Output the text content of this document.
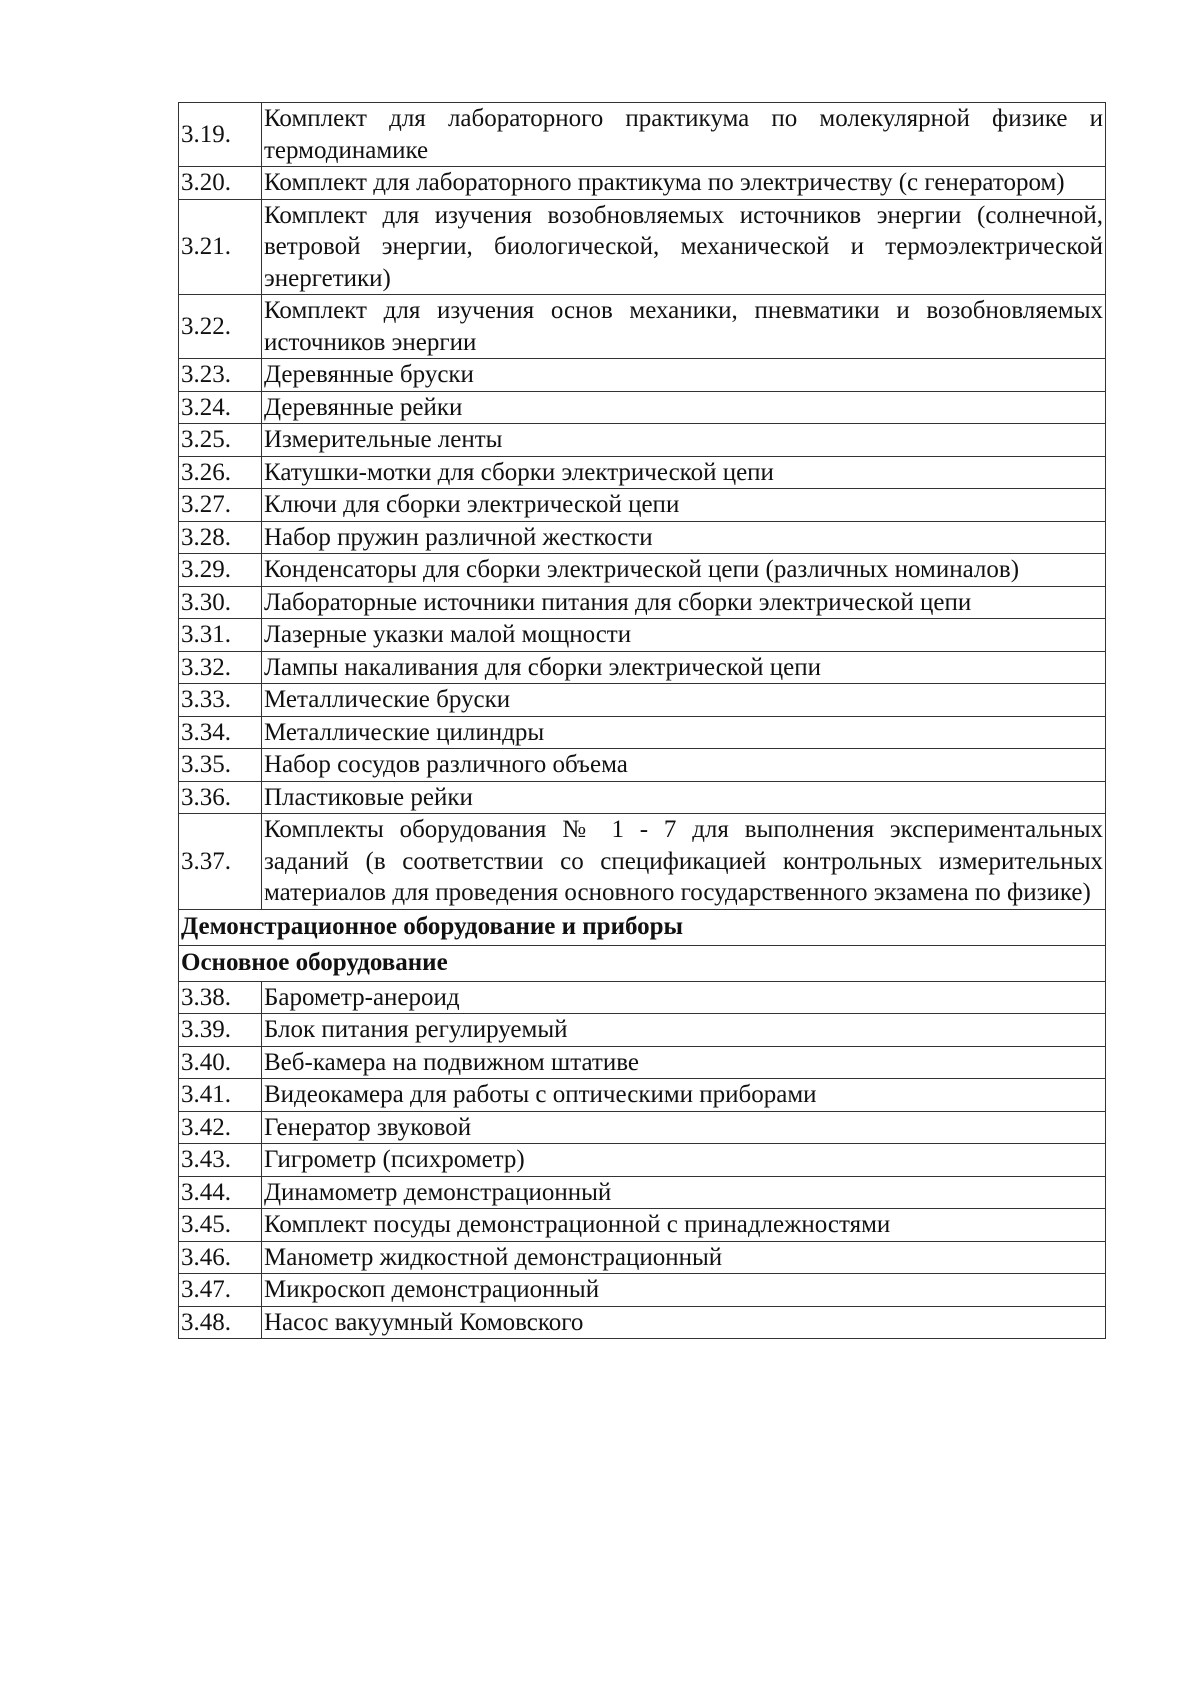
3.19.	Комплект для лабораторного практикума по молекулярной физике и термодинамике
3.20.	Комплект для лабораторного практикума по электричеству (с генератором)
3.21.	Комплект для изучения возобновляемых источников энергии (солнечной, ветровой энергии, биологической, механической и термоэлектрической энергетики)
3.22.	Комплект для изучения основ механики, пневматики и возобновляемых источников энергии
3.23.	Деревянные бруски
3.24.	Деревянные рейки
3.25.	Измерительные ленты
3.26.	Катушки-мотки для сборки электрической цепи
3.27.	Ключи для сборки электрической цепи
3.28.	Набор пружин различной жесткости
3.29.	Конденсаторы для сборки электрической цепи (различных номиналов)
3.30.	Лабораторные источники питания для сборки электрической цепи
3.31.	Лазерные указки малой мощности
3.32.	Лампы накаливания для сборки электрической цепи
3.33.	Металлические бруски
3.34.	Металлические цилиндры
3.35.	Набор сосудов различного объема
3.36.	Пластиковые рейки
3.37.	Комплекты оборудования № 1 - 7 для выполнения экспериментальных заданий (в соответствии со спецификацией контрольных измерительных материалов для проведения основного государственного экзамена по физике)
Демонстрационное оборудование и приборы	
Основное оборудование	
3.38.	Барометр-анероид
3.39.	Блок питания регулируемый
3.40.	Веб-камера на подвижном штативе
3.41.	Видеокамера для работы с оптическими приборами
3.42.	Генератор звуковой
3.43.	Гигрометр (психрометр)
3.44.	Динамометр демонстрационный
3.45.	Комплект посуды демонстрационной с принадлежностями
3.46.	Манометр жидкостной демонстрационный
3.47.	Микроскоп демонстрационный
3.48.	Насос вакуумный Комовского
